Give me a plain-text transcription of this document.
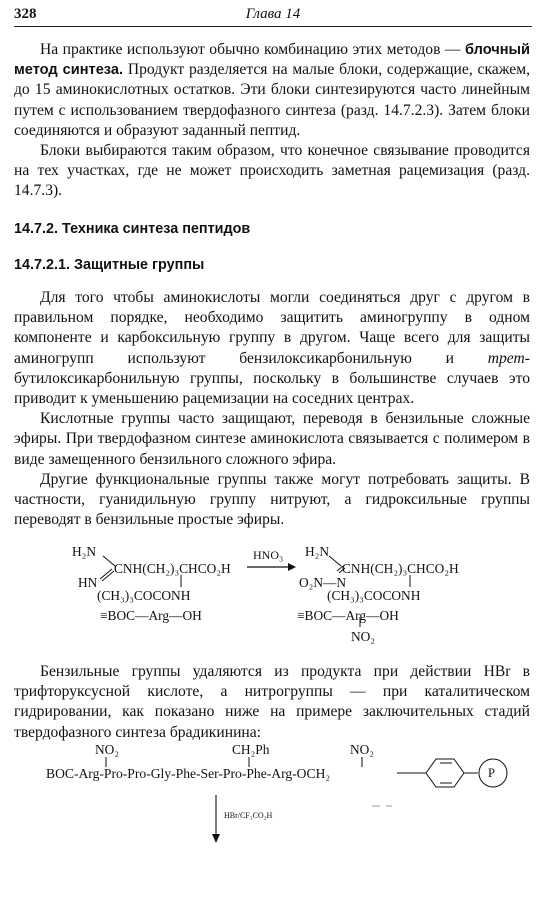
328	Глава 14

На практике используют обычно комбинацию этих методов — блочный метод синтеза. Продукт разделяется на малые блоки, содержащие, скажем, до 15 аминокислотных остатков. Эти блоки синтезируются часто линейным путем с использованием твердофазного синтеза (разд. 14.7.2.3). Затем блоки соединяются и образуют заданный пептид.

Блоки выбираются таким образом, что конечное связывание проводится на тех участках, где не может происходить заметная рацемизация (разд. 14.7.3).

14.7.2. Техника синтеза пептидов
14.7.2.1. Защитные группы

Для того чтобы аминокислоты могли соединяться друг с другом в правильном порядке, необходимо защитить аминогруппу в одном компоненте и карбоксильную группу в другом. Чаще всего для защиты аминогрупп используют бензилоксикарбонильную и трет-бутилоксикарбонильную группы, поскольку в большинстве случаев это приводит к уменьшению рацемизации на соседних центрах.

Кислотные группы часто защищают, переводя в бензильные сложные эфиры. При твердофазном синтезе аминокислота связывается с полимером в виде замещенного бензильного сложного эфира.

Другие функциональные группы также могут потребовать защиты. В частности, гуанидильную группу нитруют, а гидроксильные группы переводят в бензильные простые эфиры.

H₂N
HN
CNH(CH₂)₃CHCO₂H
(CH₃)₃COCONH
≡BOC—Arg—OH
HNO₃ H₂N
O₂N—N
CNH(CH₂)₃CHCO₂H
(CH₃)₃COCONH
≡BOC—Arg—OH
NO₂

Бензильные группы удаляются из продукта при действии HBr в трифторуксусной кислоте, а нитрогруппы — при каталитическом гидрировании, как показано ниже на примере заключительных стадий твердофазного синтеза брадикинина:

NO₂	CH₂Ph	NO₂
BOC-Arg-Pro-Pro-Gly-Phe-Ser-Pro-Phe-Arg-OCH₂	P
HBr/CF₃CO₂H
